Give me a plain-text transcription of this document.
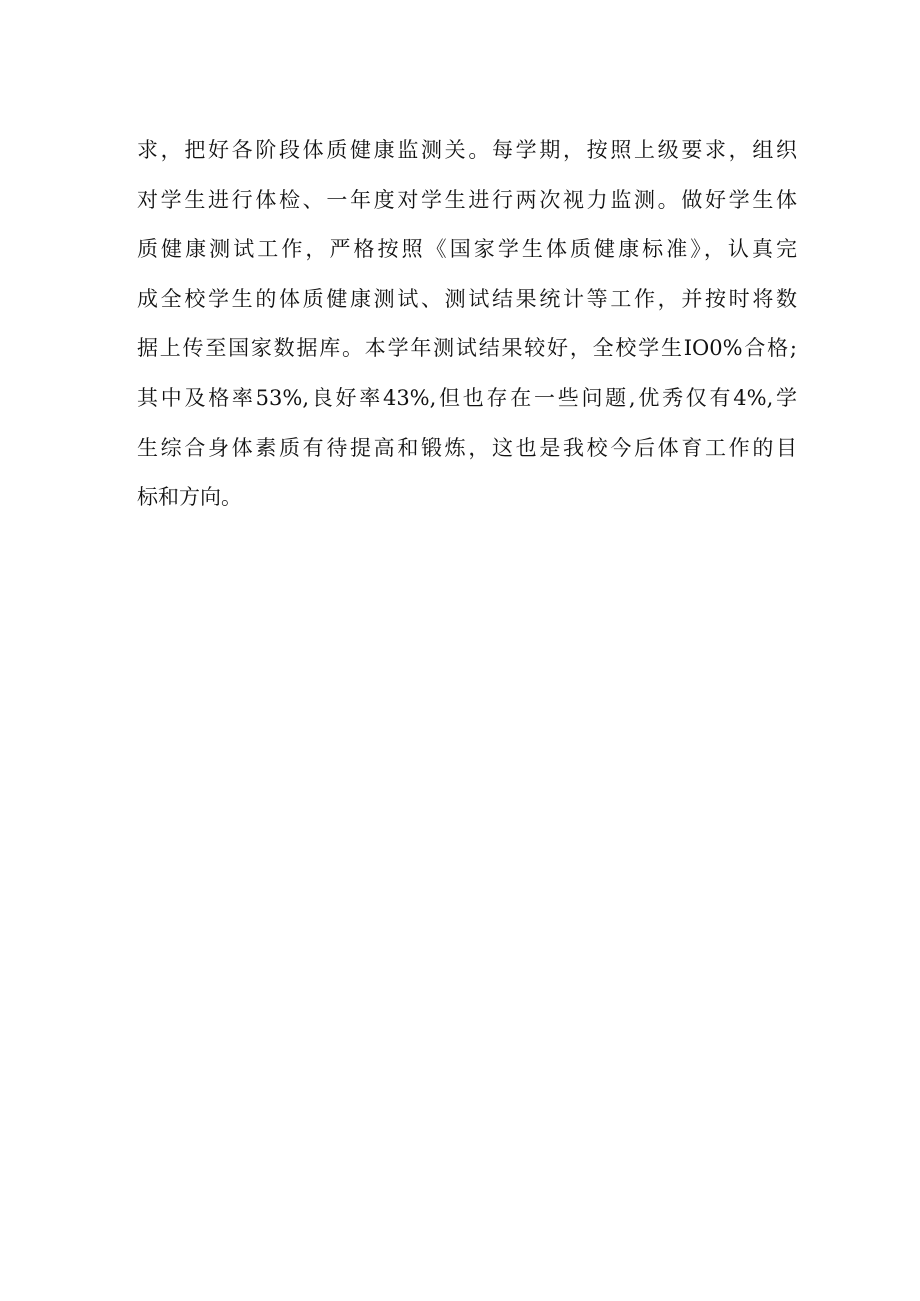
求，把好各阶段体质健康监测关。每学期，按照上级要求，组织
对学生进行体检、一年度对学生进行两次视力监测。做好学生体
质健康测试工作，严格按照《国家学生体质健康标准》，认真完
成全校学生的体质健康测试、测试结果统计等工作，并按时将数
据上传至国家数据库。本学年测试结果较好，全校学生IO0%合格;
其中及格率53%,良好率43%,但也存在一些问题,优秀仅有4%,学
生综合身体素质有待提高和锻炼，这也是我校今后体育工作的目
标和方向。
